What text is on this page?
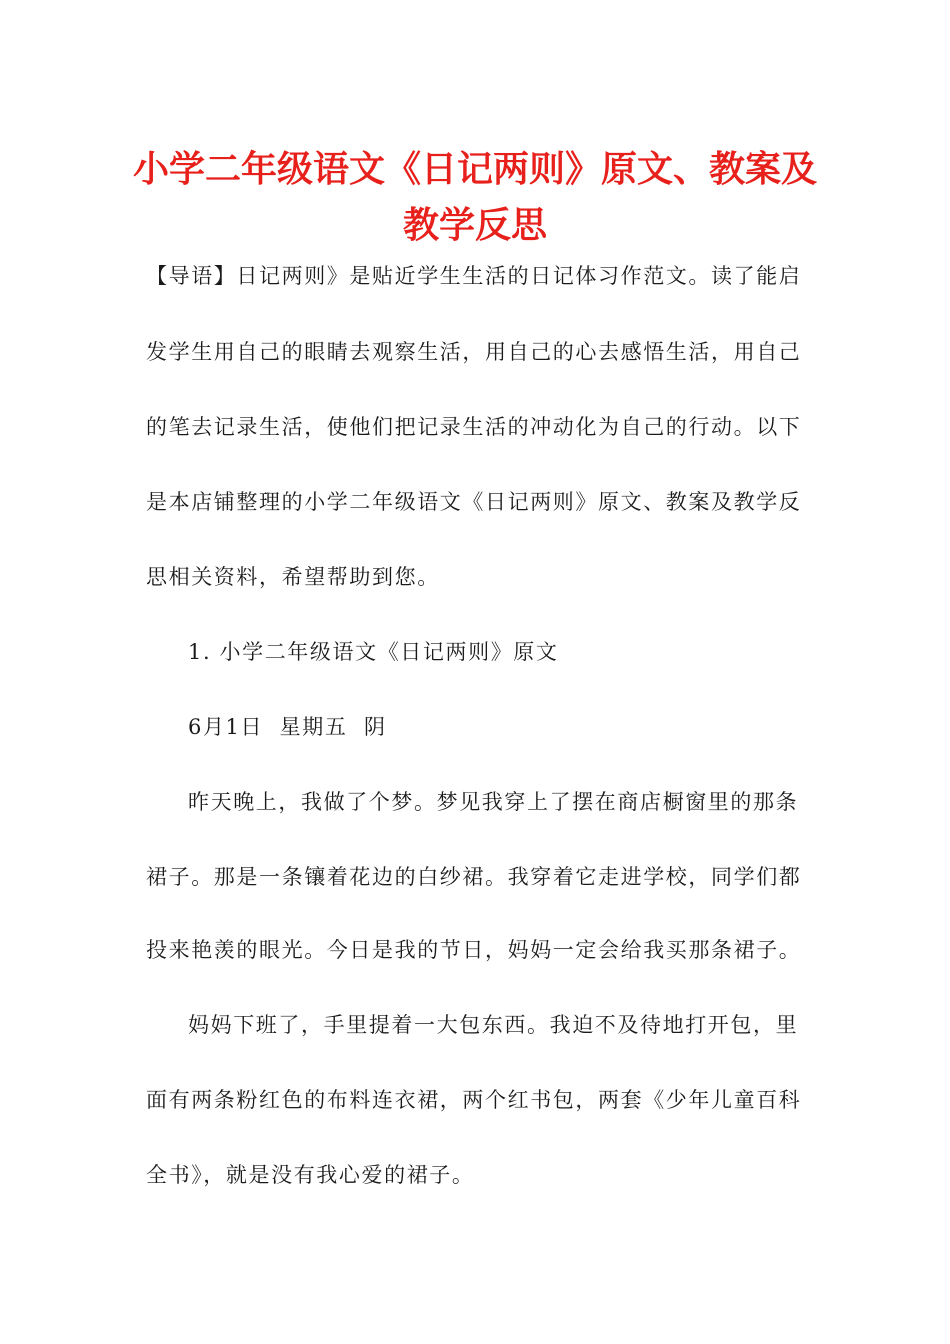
小学二年级语文《日记两则》原文、教案及
教学反思
【导语】日记两则》是贴近学生生活的日记体习作范文。读了能启
发学生用自己的眼睛去观察生活，用自己的心去感悟生活，用自己
的笔去记录生活，使他们把记录生活的冲动化为自己的行动。以下
是本店铺整理的小学二年级语文《日记两则》原文、教案及教学反
思相关资料，希望帮助到您。
1. 小学二年级语文《日记两则》原文
6月1日  星期五  阴
昨天晚上，我做了个梦。梦见我穿上了摆在商店橱窗里的那条
裙子。那是一条镶着花边的白纱裙。我穿着它走进学校，同学们都
投来艳羡的眼光。今日是我的节日，妈妈一定会给我买那条裙子。
妈妈下班了，手里提着一大包东西。我迫不及待地打开包，里
面有两条粉红色的布料连衣裙，两个红书包，两套《少年儿童百科
全书》，就是没有我心爱的裙子。
